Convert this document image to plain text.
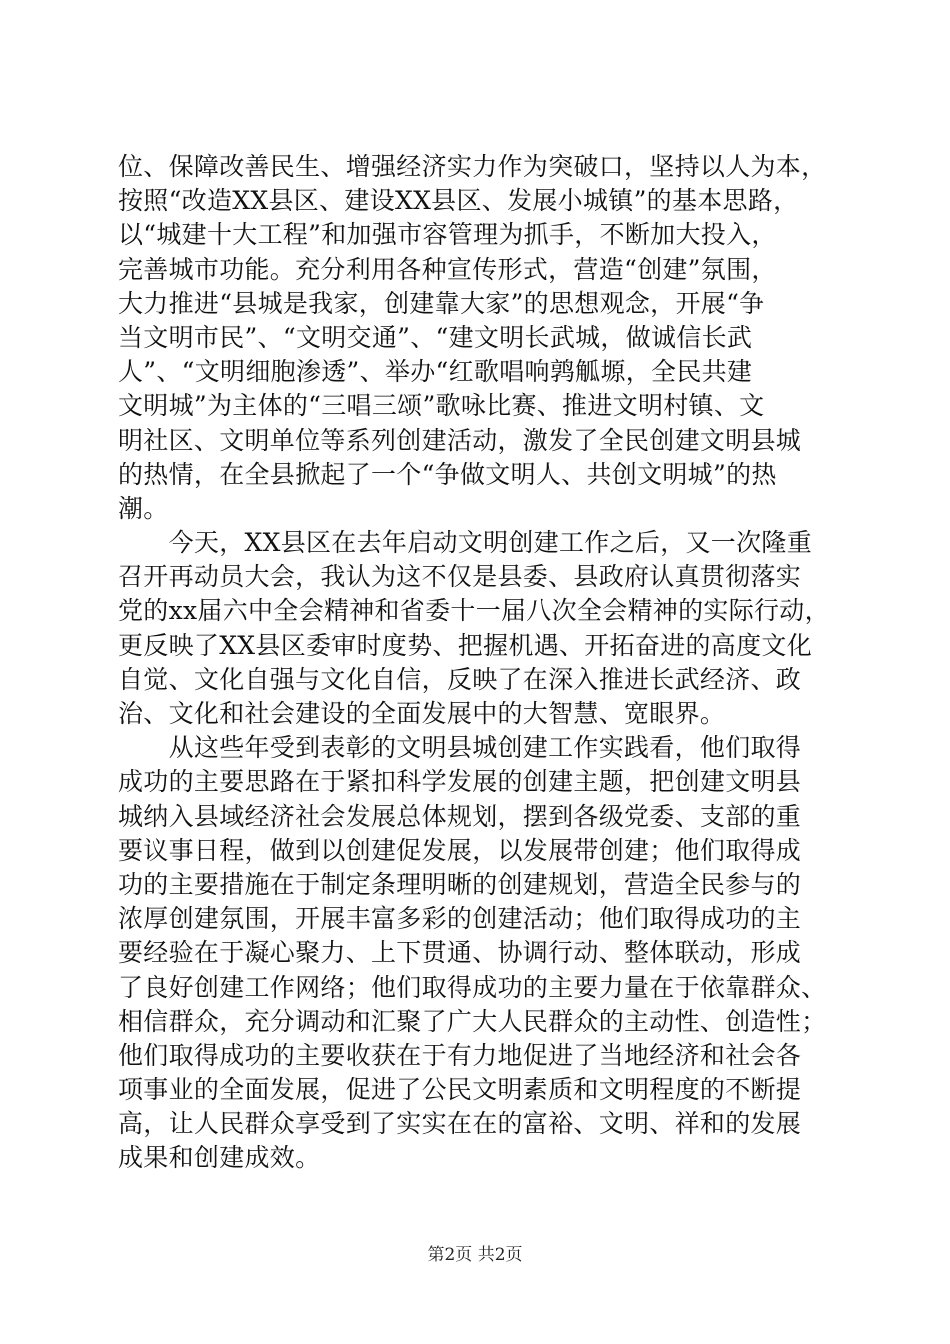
位、保障改善民生、增强经济实力作为突破口，坚持以人为本，
按照“改造XX县区、建设XX县区、发展小城镇”的基本思路，
以“城建十大工程”和加强市容管理为抓手，不断加大投入，
完善城市功能。充分利用各种宣传形式，营造“创建”氛围，
大力推进“县城是我家，创建靠大家”的思想观念，开展“争
当文明市民”、“文明交通”、“建文明长武城，做诚信长武
人”、“文明细胞渗透”、举办“红歌唱响鹑觚塬，全民共建
文明城”为主体的“三唱三颂”歌咏比赛、推进文明村镇、文
明社区、文明单位等系列创建活动，激发了全民创建文明县城
的热情，在全县掀起了一个“争做文明人、共创文明城”的热
潮。
　　今天，XX县区在去年启动文明创建工作之后，又一次隆重
召开再动员大会，我认为这不仅是县委、县政府认真贯彻落实
党的xx届六中全会精神和省委十一届八次全会精神的实际行动，
更反映了XX县区委审时度势、把握机遇、开拓奋进的高度文化
自觉、文化自强与文化自信，反映了在深入推进长武经济、政
治、文化和社会建设的全面发展中的大智慧、宽眼界。
　　从这些年受到表彰的文明县城创建工作实践看，他们取得
成功的主要思路在于紧扣科学发展的创建主题，把创建文明县
城纳入县域经济社会发展总体规划，摆到各级党委、支部的重
要议事日程，做到以创建促发展，以发展带创建；他们取得成
功的主要措施在于制定条理明晰的创建规划，营造全民参与的
浓厚创建氛围，开展丰富多彩的创建活动；他们取得成功的主
要经验在于凝心聚力、上下贯通、协调行动、整体联动，形成
了良好创建工作网络；他们取得成功的主要力量在于依靠群众、
相信群众，充分调动和汇聚了广大人民群众的主动性、创造性；
他们取得成功的主要收获在于有力地促进了当地经济和社会各
项事业的全面发展，促进了公民文明素质和文明程度的不断提
高，让人民群众享受到了实实在在的富裕、文明、祥和的发展
成果和创建成效。
第2页 共2页
